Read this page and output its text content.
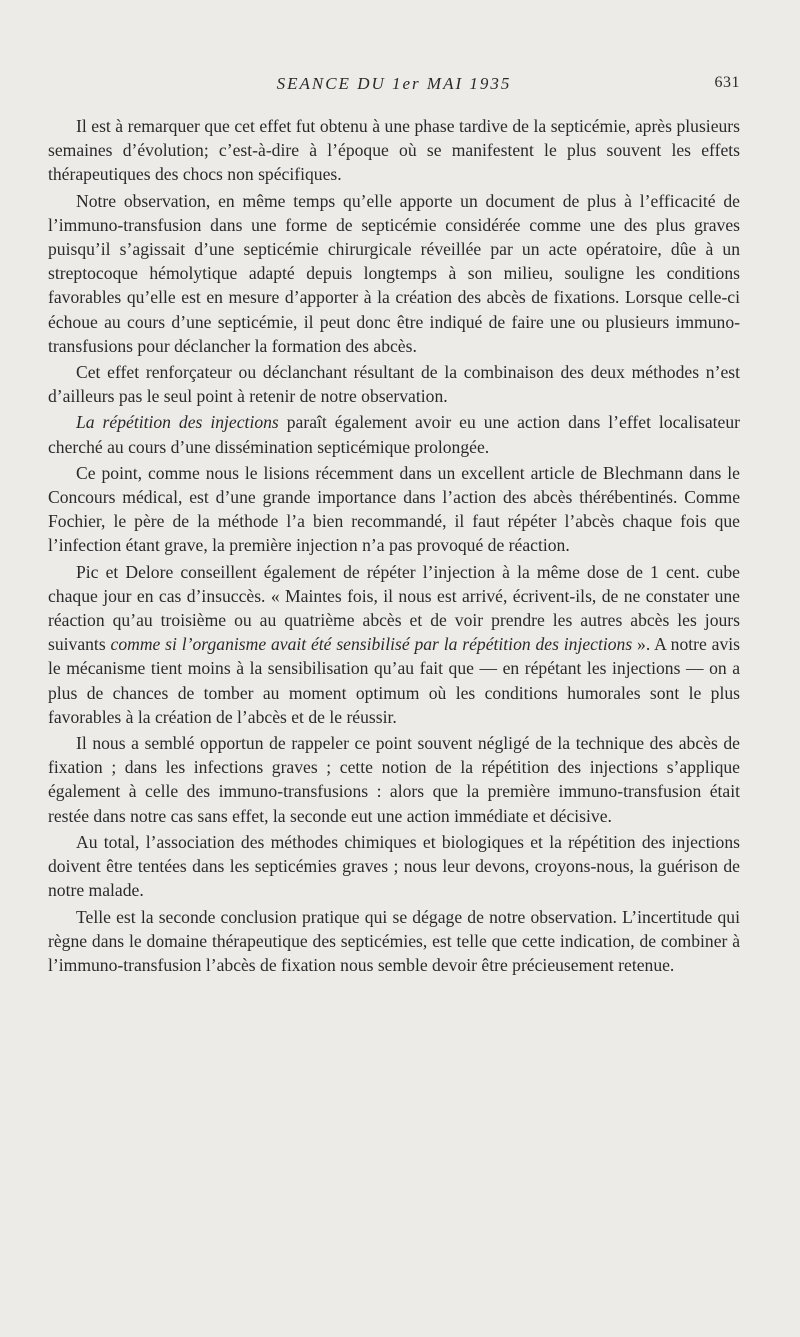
SEANCE DU 1er MAI 1935	631

Il est à remarquer que cet effet fut obtenu à une phase tardive de la septicémie, après plusieurs semaines d’évolution; c’est-à-dire à l’époque où se manifestent le plus souvent les effets thérapeutiques des chocs non spécifiques.

Notre observation, en même temps qu’elle apporte un document de plus à l’efficacité de l’immuno-transfusion dans une forme de septicémie considérée comme une des plus graves puisqu’il s’agissait d’une septicémie chirurgicale réveillée par un acte opératoire, dûe à un streptocoque hémolytique adapté depuis longtemps à son milieu, souligne les conditions favorables qu’elle est en mesure d’apporter à la création des abcès de fixations. Lorsque celle-ci échoue au cours d’une septicémie, il peut donc être indiqué de faire une ou plusieurs immuno-transfusions pour déclancher la formation des abcès.

Cet effet renforçateur ou déclanchant résultant de la combinaison des deux méthodes n’est d’ailleurs pas le seul point à retenir de notre observation.

La répétition des injections paraît également avoir eu une action dans l’effet localisateur cherché au cours d’une dissémination septicémique prolongée.

Ce point, comme nous le lisions récemment dans un excellent article de Blechmann dans le Concours médical, est d’une grande importance dans l’action des abcès thérébentinés. Comme Fochier, le père de la méthode l’a bien recommandé, il faut répéter l’abcès chaque fois que l’infection étant grave, la première injection n’a pas provoqué de réaction.

Pic et Delore conseillent également de répéter l’injection à la même dose de 1 cent. cube chaque jour en cas d’insuccès. « Maintes fois, il nous est arrivé, écrivent-ils, de ne constater une réaction qu’au troisième ou au quatrième abcès et de voir prendre les autres abcès les jours suivants comme si l’organisme avait été sensibilisé par la répétition des injections ». A notre avis le mécanisme tient moins à la sensibilisation qu’au fait que — en répétant les injections — on a plus de chances de tomber au moment optimum où les conditions humorales sont le plus favorables à la création de l’abcès et de le réussir.

Il nous a semblé opportun de rappeler ce point souvent négligé de la technique des abcès de fixation ; dans les infections graves ; cette notion de la répétition des injections s’applique également à celle des immuno-transfusions : alors que la première immuno-transfusion était restée dans notre cas sans effet, la seconde eut une action immédiate et décisive.

Au total, l’association des méthodes chimiques et biologiques et la répétition des injections doivent être tentées dans les septicémies graves ; nous leur devons, croyons-nous, la guérison de notre malade.

Telle est la seconde conclusion pratique qui se dégage de notre observation. L’incertitude qui règne dans le domaine thérapeutique des septicémies, est telle que cette indication, de combiner à l’immuno-transfusion l’abcès de fixation nous semble devoir être précieusement retenue.
